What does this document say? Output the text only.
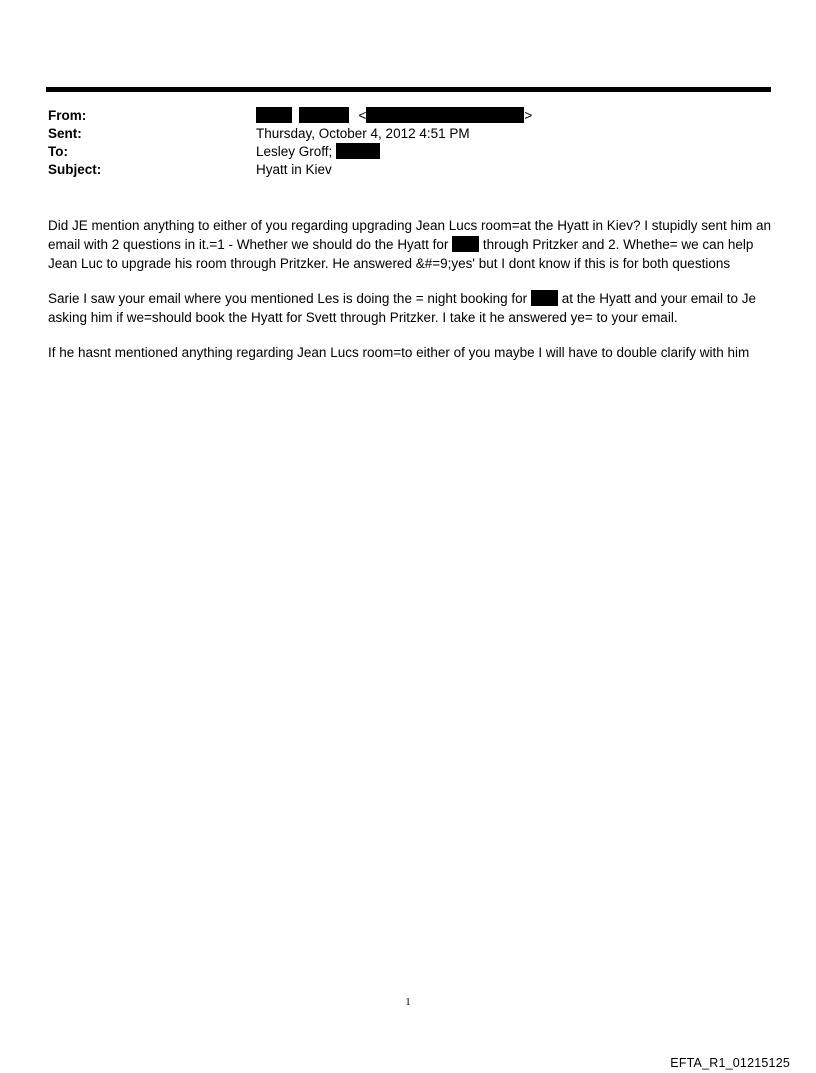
From:	<	>
Sent:	Thursday, October 4, 2012 4:51 PM
To:	Lesley Groff;
Subject:	Hyatt in Kiev

Did JE mention anything to either of you regarding upgrading Jean Lucs room=at the Hyatt in Kiev? I stupidly sent him an email with 2 questions in it.=1 - Whether we should do the Hyatt for	through Pritzker and 2. Whethe= we can help Jean Luc to upgrade his room through Pritzker. He answered &#=9;yes' but I dont know if this is for both questions

Sarie I saw your email where you mentioned Les is doing the = night booking for	at the Hyatt and your email to Je asking him if we=should book the Hyatt for Svett through Pritzker. I take it he answered ye= to your email.

If he hasnt mentioned anything regarding Jean Lucs room=to either of you maybe I will have to double clarify with him

1
EFTA_R1_01215125
